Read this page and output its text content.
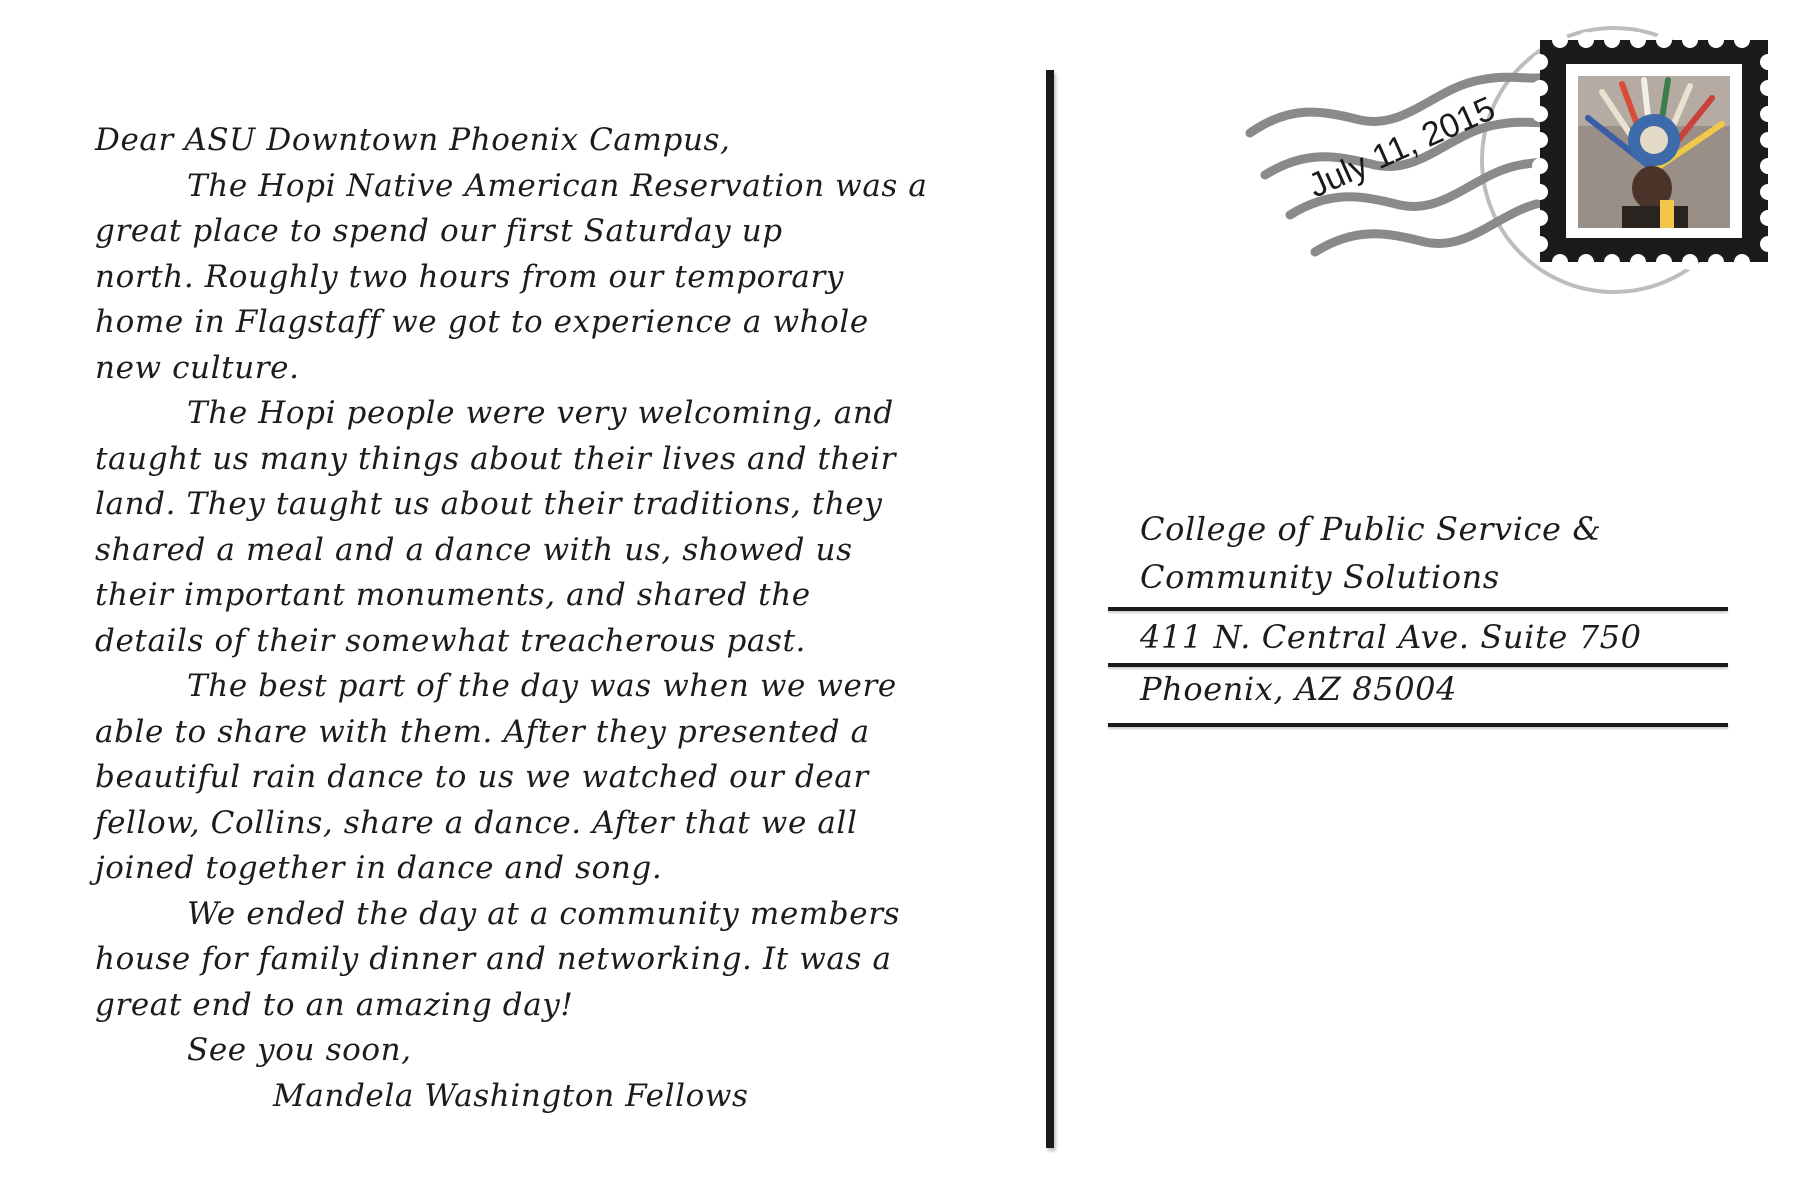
Dear ASU Downtown Phoenix Campus,
The Hopi Native American Reservation was a
great place to spend our first Saturday up
north. Roughly two hours from our temporary
home in Flagstaff we got to experience a whole
new culture.
The Hopi people were very welcoming, and
taught us many things about their lives and their
land. They taught us about their traditions, they
shared a meal and a dance with us, showed us
their important monuments, and shared the
details of their somewhat treacherous past.
The best part of the day was when we were
able to share with them. After they presented a
beautiful rain dance to us we watched our dear
fellow, Collins, share a dance. After that we all
joined together in dance and song.
We ended the day at a community members
house for family dinner and networking. It was a
great end to an amazing day!
See you soon,
Mandela Washington Fellows
July 11, 2015
College of Public Service &
Community Solutions
411 N. Central Ave. Suite 750
Phoenix, AZ 85004
